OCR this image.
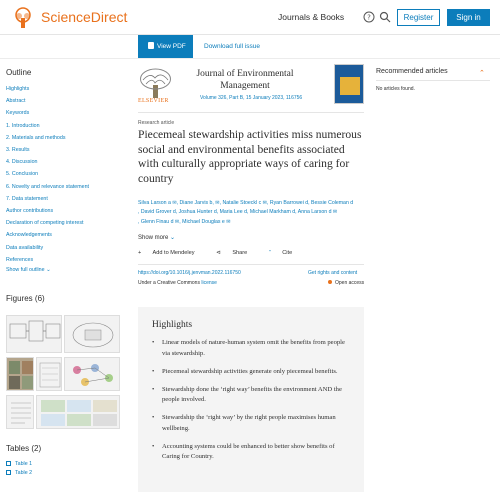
ScienceDirect	Journals & Books	?	Register	Sign in
View PDF	Download full issue
Outline
Highlights
Abstract
Keywords
1. Introduction
2. Materials and methods
3. Results
4. Discussion
5. Conclusion
6. Novelty and relevance statement
7. Data statement
Author contributions
Declaration of competing interest
Acknowledgements
Data availability
References
Show full outline ⌄
Figures (6)
Tables (2)
Table 1
Table 2
ELSEVIER
Journal of Environmental Management
Volume 326, Part B, 15 January 2023, 116756
Research article
Piecemeal stewardship activities miss numerous social and environmental benefits associated with culturally appropriate ways of caring for country
Silva Larson a ✉, Diane Jarvis b, ✉, Natalie Stoeckl c ✉, Ryan Barrowei d, Bessie Coleman d
, David Grover d, Joshua Hunter d, Maria Lee d, Michael Markham d, Anna Larson d ✉
, Glenn Finau d ✉, Michael Douglas e ✉
Show more ⌄
+ Add to Mendeley	⊲ Share	“ Cite
https://doi.org/10.1016/j.jenvman.2022.116750	Get rights and content
Under a Creative Commons license	Open access
Highlights
• Linear models of nature-human system omit the benefits from people via stewardship.
• Piecemeal stewardship activities generate only piecemeal benefits.
• Stewardship done the ‘right way’ benefits the environment AND the people involved.
• Stewardship the ‘right way’ by the right people maximises human wellbeing.
• Accounting systems could be enhanced to better show benefits of Caring for Country.
Recommended articles	⌃
No articles found.
